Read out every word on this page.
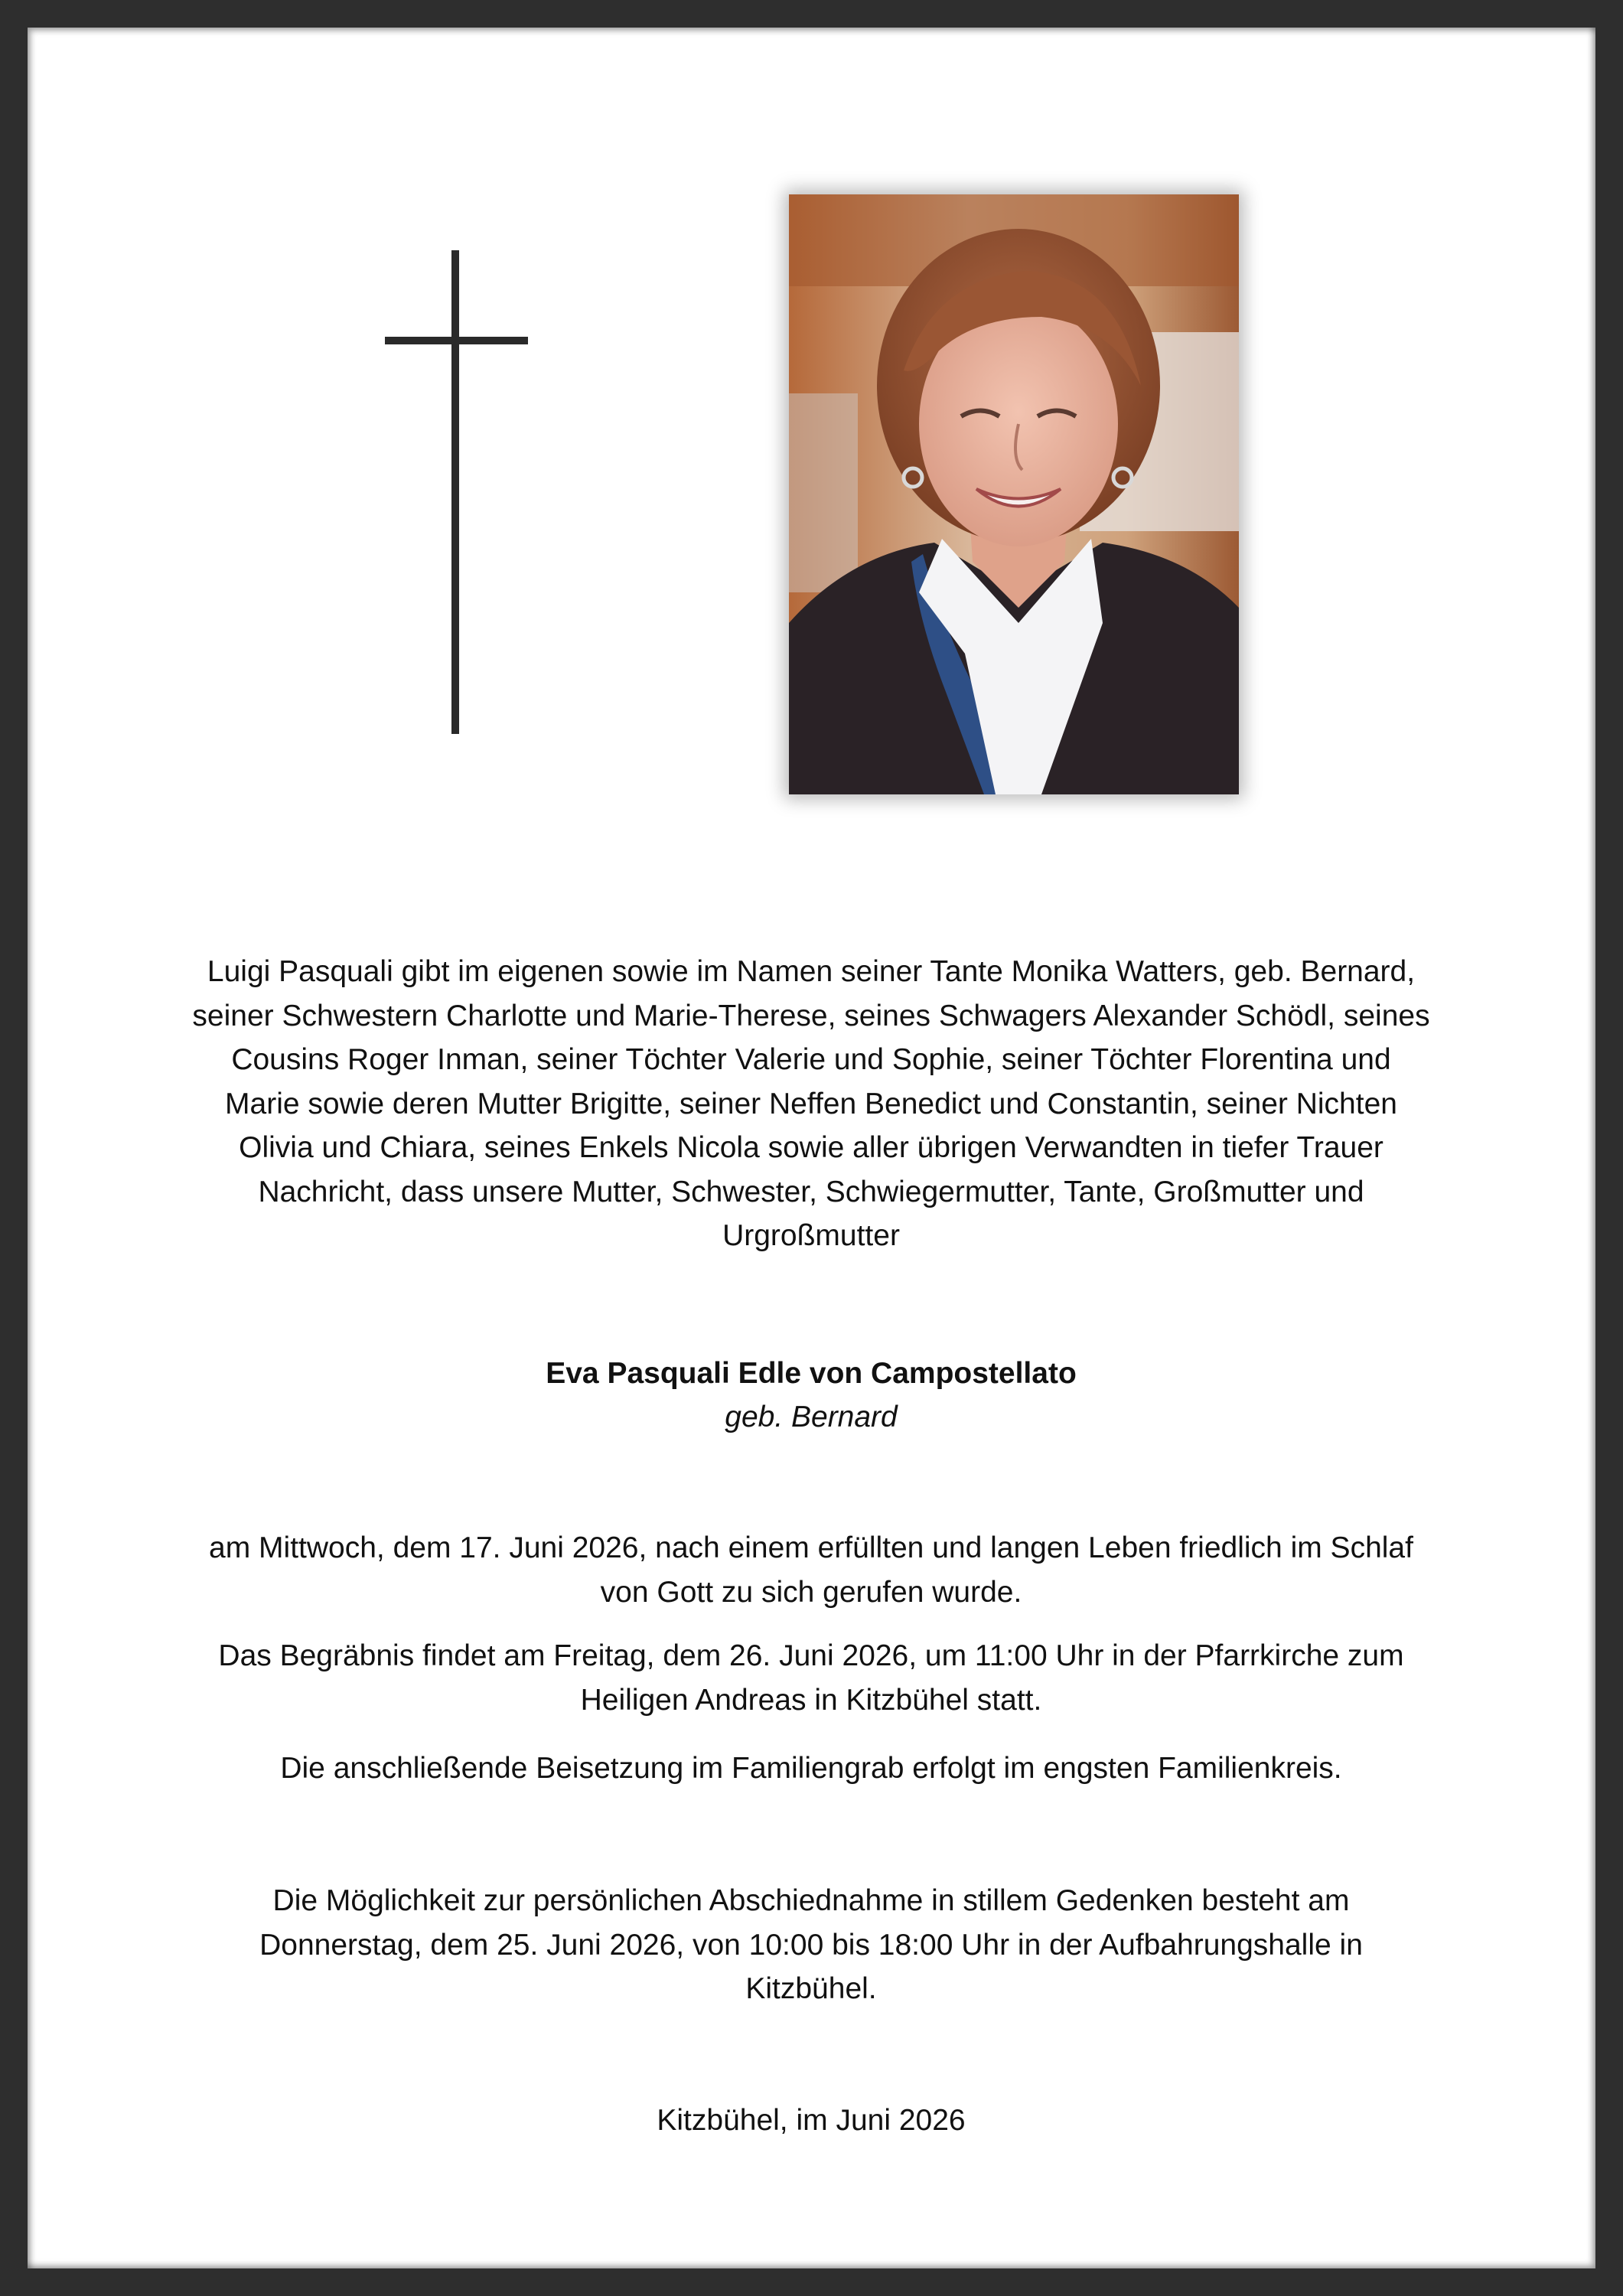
Luigi Pasquali gibt im eigenen sowie im Namen seiner Tante Monika Watters, geb. Bernard, seiner Schwestern Charlotte und Marie-Therese, seines Schwagers Alexander Schödl, seines Cousins Roger Inman, seiner Töchter Valerie und Sophie, seiner Töchter Florentina und Marie sowie deren Mutter Brigitte, seiner Neffen Benedict und Constantin, seiner Nichten Olivia und Chiara, seines Enkels Nicola sowie aller übrigen Verwandten in tiefer Trauer Nachricht, dass unsere Mutter, Schwester, Schwiegermutter, Tante, Großmutter und Urgroßmutter

Eva Pasquali Edle von Campostellato

geb. Bernard

am Mittwoch, dem 17. Juni 2026, nach einem erfüllten und langen Leben friedlich im Schlaf von Gott zu sich gerufen wurde.

Das Begräbnis findet am Freitag, dem 26. Juni 2026, um 11:00 Uhr in der Pfarrkirche zum Heiligen Andreas in Kitzbühel statt.

Die anschließende Beisetzung im Familiengrab erfolgt im engsten Familienkreis.

Die Möglichkeit zur persönlichen Abschiednahme in stillem Gedenken besteht am Donnerstag, dem 25. Juni 2026, von 10:00 bis 18:00 Uhr in der Aufbahrungshalle in Kitzbühel.

Kitzbühel, im Juni 2026
